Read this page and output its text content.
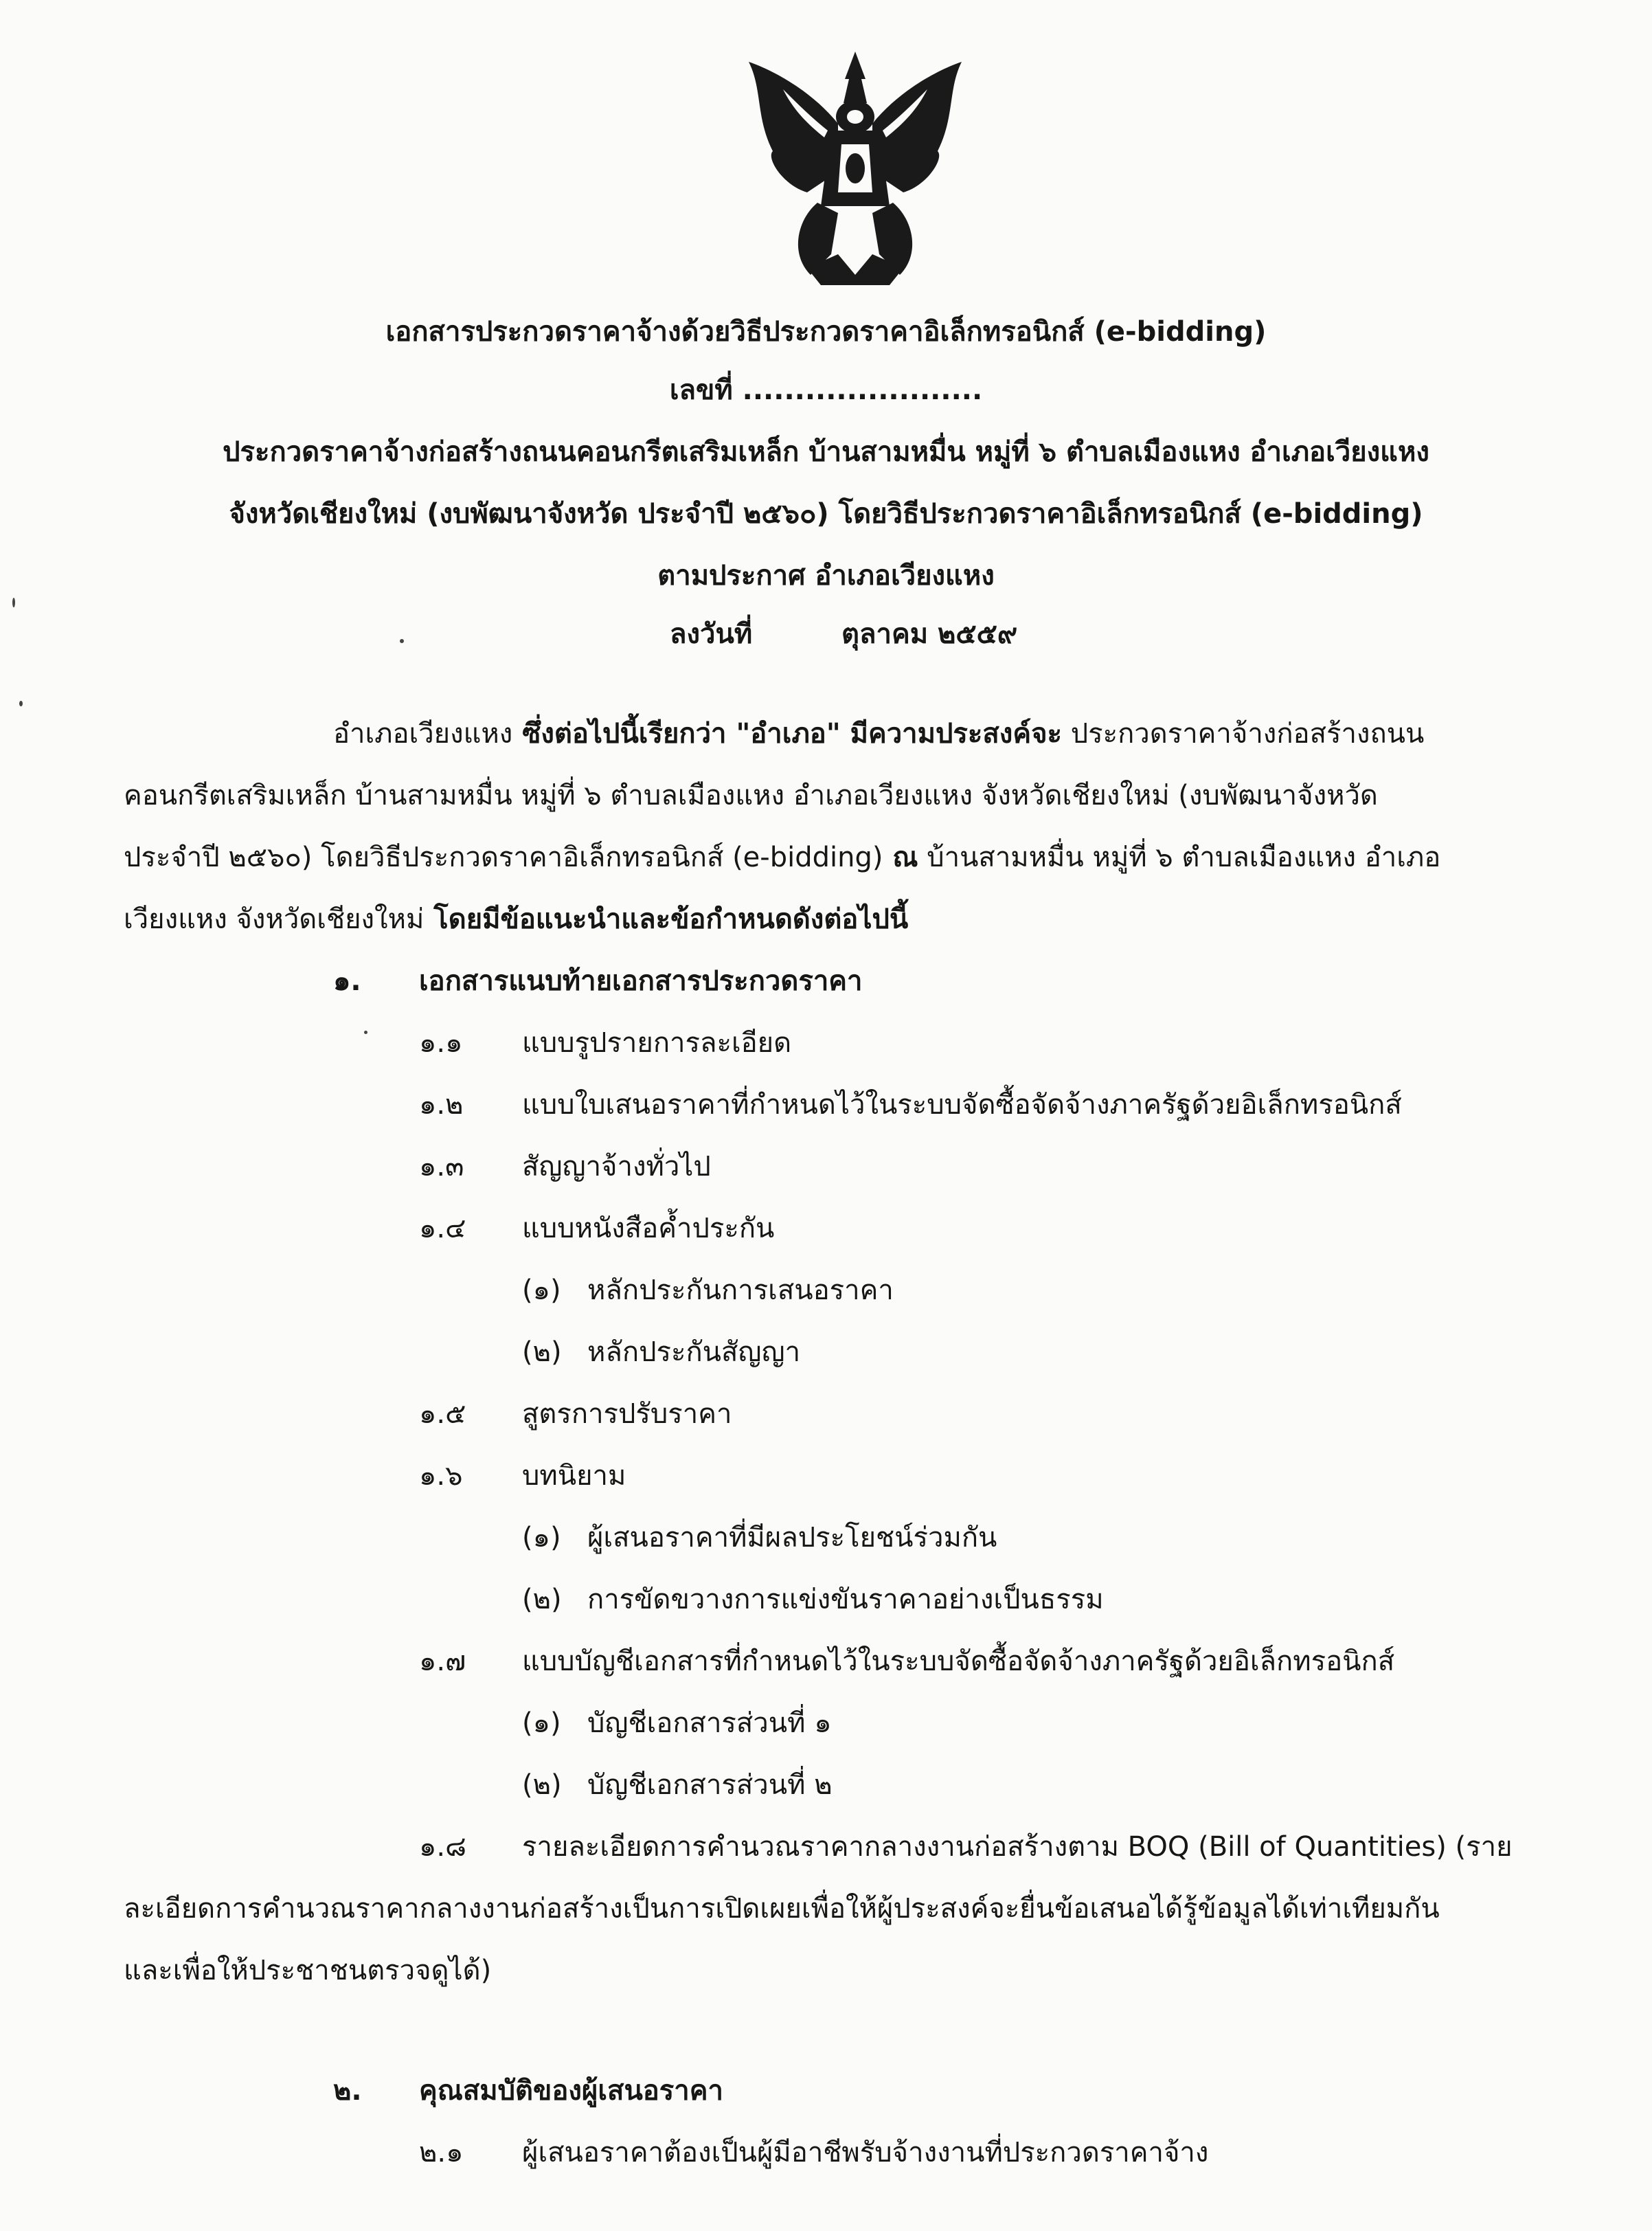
เอกสารประกวดราคาจ้างด้วยวิธีประกวดราคาอิเล็กทรอนิกส์ (e-bidding)
เลขที่ .......................
ประกวดราคาจ้างก่อสร้างถนนคอนกรีตเสริมเหล็ก บ้านสามหมื่น หมู่ที่ ๖ ตำบลเมืองแหง อำเภอเวียงแหง
จังหวัดเชียงใหม่ (งบพัฒนาจังหวัด ประจำปี ๒๕๖๐) โดยวิธีประกวดราคาอิเล็กทรอนิกส์ (e-bidding)
ตามประกาศ อำเภอเวียงแหง
ลงวันที่	ตุลาคม ๒๕๕๙
อำเภอเวียงแหง ซึ่งต่อไปนี้เรียกว่า "อำเภอ" มีความประสงค์จะ ประกวดราคาจ้างก่อสร้างถนน
คอนกรีตเสริมเหล็ก บ้านสามหมื่น หมู่ที่ ๖ ตำบลเมืองแหง อำเภอเวียงแหง จังหวัดเชียงใหม่ (งบพัฒนาจังหวัด
ประจำปี ๒๕๖๐) โดยวิธีประกวดราคาอิเล็กทรอนิกส์ (e-bidding) ณ บ้านสามหมื่น หมู่ที่ ๖ ตำบลเมืองแหง อำเภอ
เวียงแหง จังหวัดเชียงใหม่ โดยมีข้อแนะนำและข้อกำหนดดังต่อไปนี้
๑. เอกสารแนบท้ายเอกสารประกวดราคา
๑.๑ แบบรูปรายการละเอียด
๑.๒ แบบใบเสนอราคาที่กำหนดไว้ในระบบจัดซื้อจัดจ้างภาครัฐด้วยอิเล็กทรอนิกส์
๑.๓ สัญญาจ้างทั่วไป
๑.๔ แบบหนังสือค้ำประกัน
(๑) หลักประกันการเสนอราคา
(๒) หลักประกันสัญญา
๑.๕ สูตรการปรับราคา
๑.๖ บทนิยาม
(๑) ผู้เสนอราคาที่มีผลประโยชน์ร่วมกัน
(๒) การขัดขวางการแข่งขันราคาอย่างเป็นธรรม
๑.๗ แบบบัญชีเอกสารที่กำหนดไว้ในระบบจัดซื้อจัดจ้างภาครัฐด้วยอิเล็กทรอนิกส์
(๑) บัญชีเอกสารส่วนที่ ๑
(๒) บัญชีเอกสารส่วนที่ ๒
๑.๘ รายละเอียดการคำนวณราคากลางงานก่อสร้างตาม BOQ (Bill of Quantities) (ราย
ละเอียดการคำนวณราคากลางงานก่อสร้างเป็นการเปิดเผยเพื่อให้ผู้ประสงค์จะยื่นข้อเสนอได้รู้ข้อมูลได้เท่าเทียมกัน
และเพื่อให้ประชาชนตรวจดูได้)
๒. คุณสมบัติของผู้เสนอราคา
๒.๑ ผู้เสนอราคาต้องเป็นผู้มีอาชีพรับจ้างงานที่ประกวดราคาจ้าง
